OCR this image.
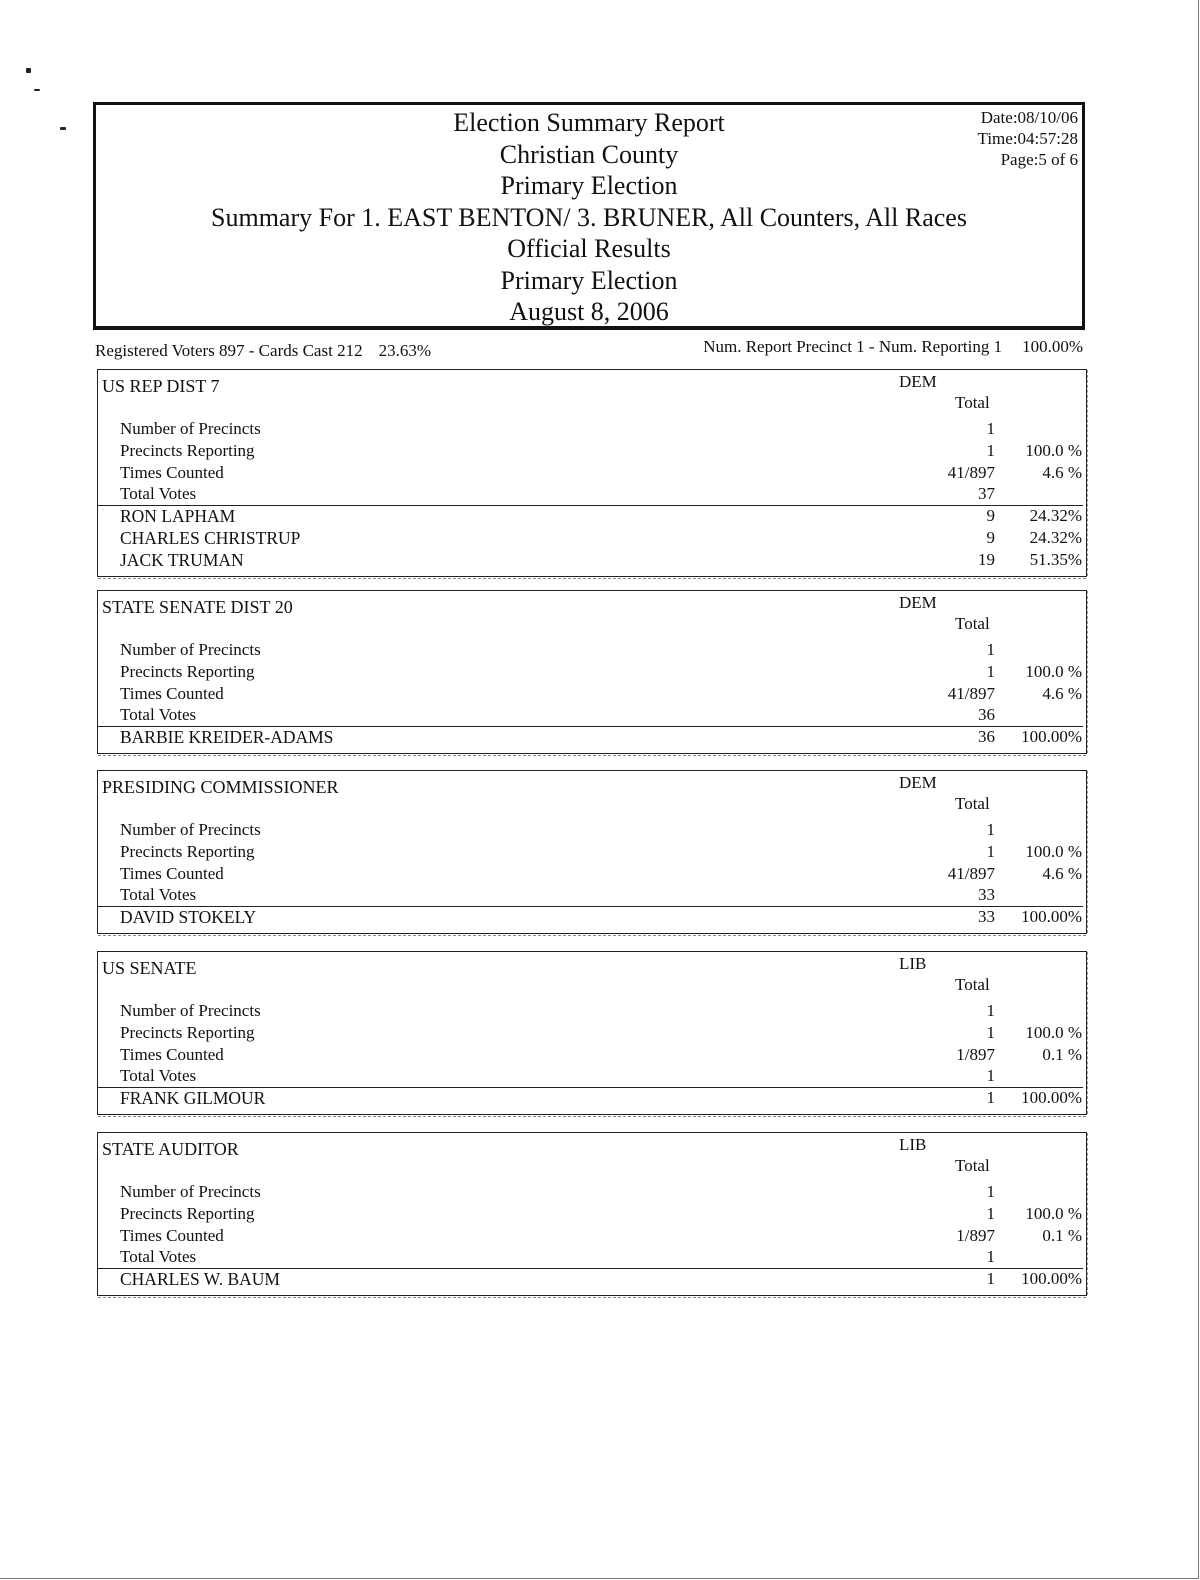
Election Summary Report
Christian County
Primary Election
Summary For 1. EAST BENTON/ 3. BRUNER, All Counters, All Races
Official Results
Primary Election
August 8, 2006
Date:08/10/06
Time:04:57:28
Page:5 of 6
Registered Voters 897 - Cards Cast 212 23.63%	Num. Report Precinct 1 - Num. Reporting 1 100.00%
US REP DIST 7	DEM
Total
Number of Precincts	1
Precincts Reporting	1 100.0 %
Times Counted	41/897	4.6 %
Total Votes	37
RON LAPHAM	9 24.32%
CHARLES CHRISTRUP	9 24.32%
JACK TRUMAN	19 51.35%
STATE SENATE DIST 20	DEM
Total
Number of Precincts	1
Precincts Reporting	1 100.0 %
Times Counted	41/897	4.6 %
Total Votes	36
BARBIE KREIDER-ADAMS	36 100.00%
PRESIDING COMMISSIONER	DEM
Total
Number of Precincts	1
Precincts Reporting	1 100.0 %
Times Counted	41/897	4.6 %
Total Votes	33
DAVID STOKELY	33 100.00%
US SENATE	LIB
Total
Number of Precincts	1
Precincts Reporting	1 100.0 %
Times Counted	1/897	0.1 %
Total Votes	1
FRANK GILMOUR	1 100.00%
STATE AUDITOR	LIB
Total
Number of Precincts	1
Precincts Reporting	1 100.0 %
Times Counted	1/897	0.1 %
Total Votes	1
CHARLES W. BAUM	1 100.00%
